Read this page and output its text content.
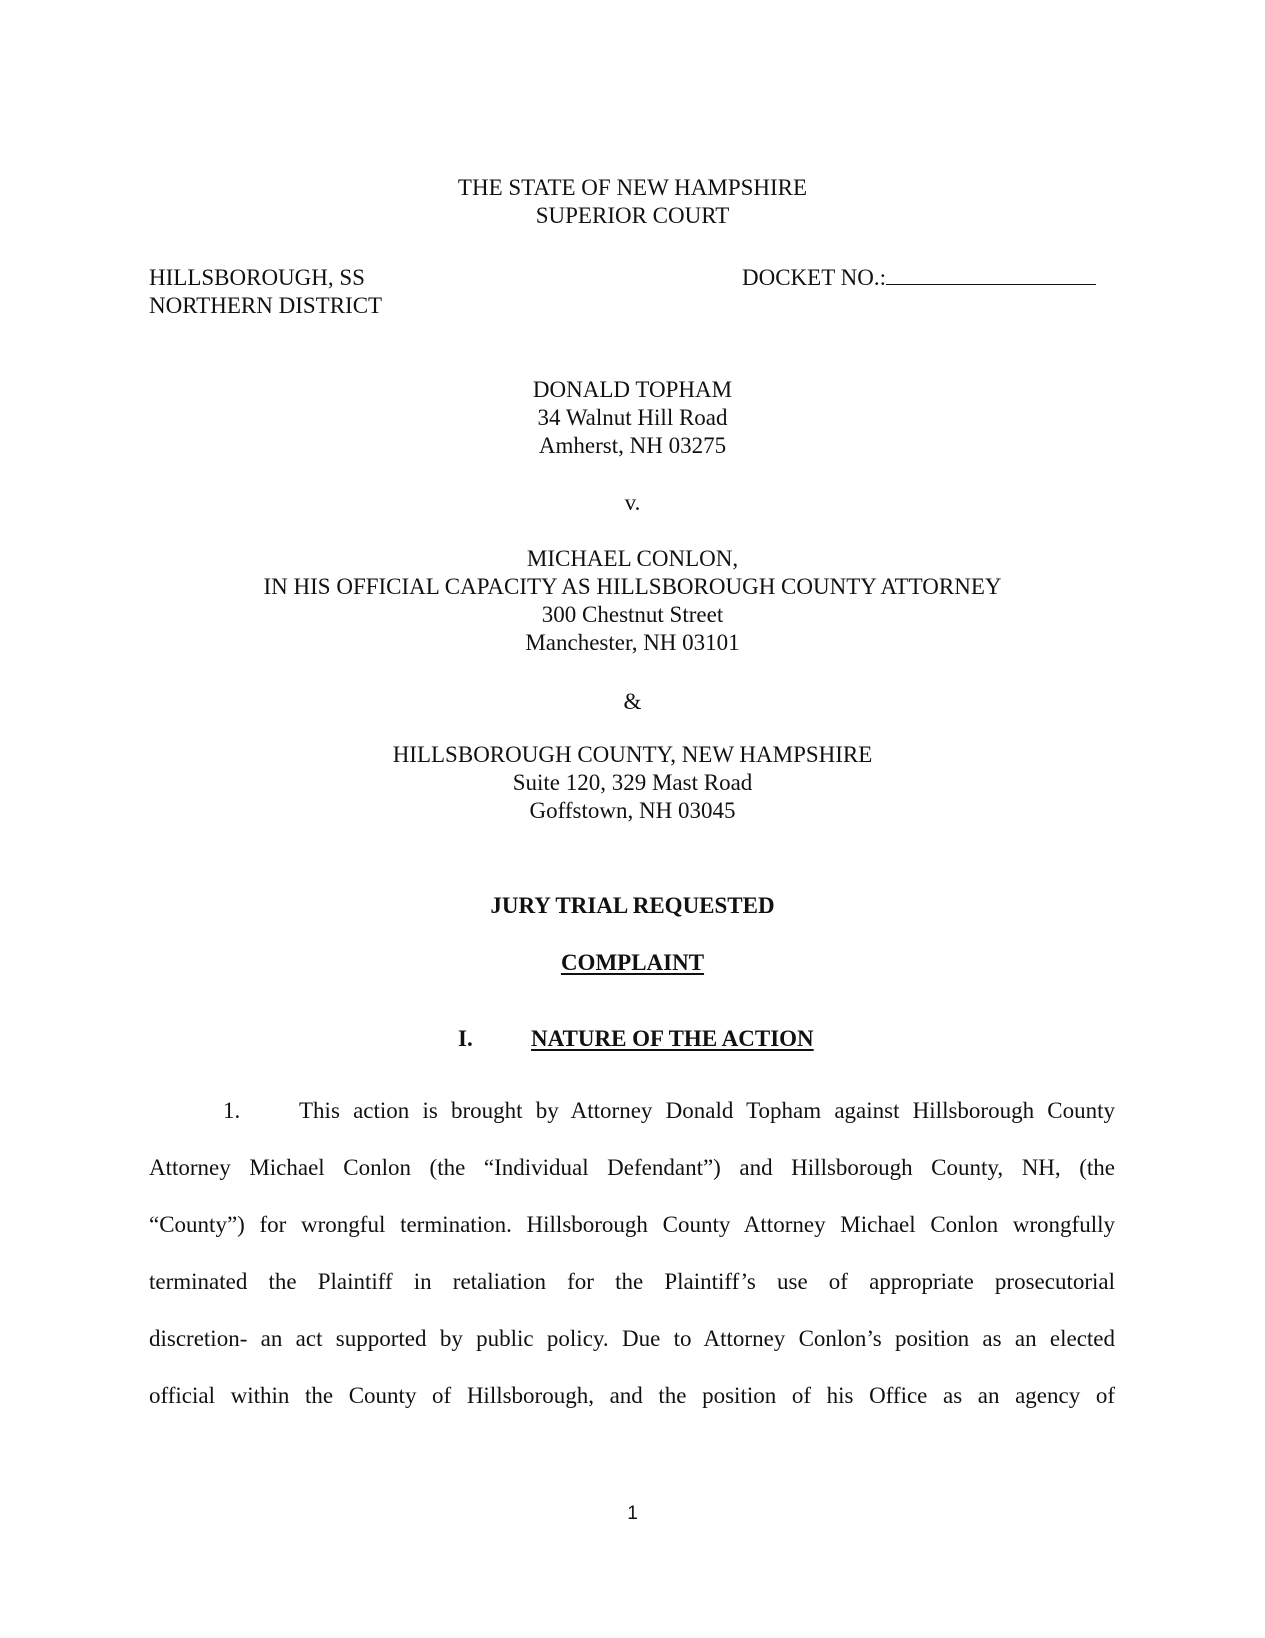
THE STATE OF NEW HAMPSHIRE
SUPERIOR COURT
HILLSBOROUGH, SS
NORTHERN DISTRICT
DOCKET NO.:
DONALD TOPHAM
34 Walnut Hill Road
Amherst, NH 03275
v.
MICHAEL CONLON,
IN HIS OFFICIAL CAPACITY AS HILLSBOROUGH COUNTY ATTORNEY
300 Chestnut Street
Manchester, NH 03101
&
HILLSBOROUGH COUNTY, NEW HAMPSHIRE
Suite 120, 329 Mast Road
Goffstown, NH 03045
JURY TRIAL REQUESTED
COMPLAINT
I.	NATURE OF THE ACTION
1.	This action is brought by Attorney Donald Topham against Hillsborough County
Attorney Michael Conlon (the “Individual Defendant”) and Hillsborough County, NH, (the
“County”) for wrongful termination. Hillsborough County Attorney Michael Conlon wrongfully
terminated the Plaintiff in retaliation for the Plaintiff’s use of appropriate prosecutorial
discretion- an act supported by public policy. Due to Attorney Conlon’s position as an elected
official within the County of Hillsborough, and the position of his Office as an agency of
1
